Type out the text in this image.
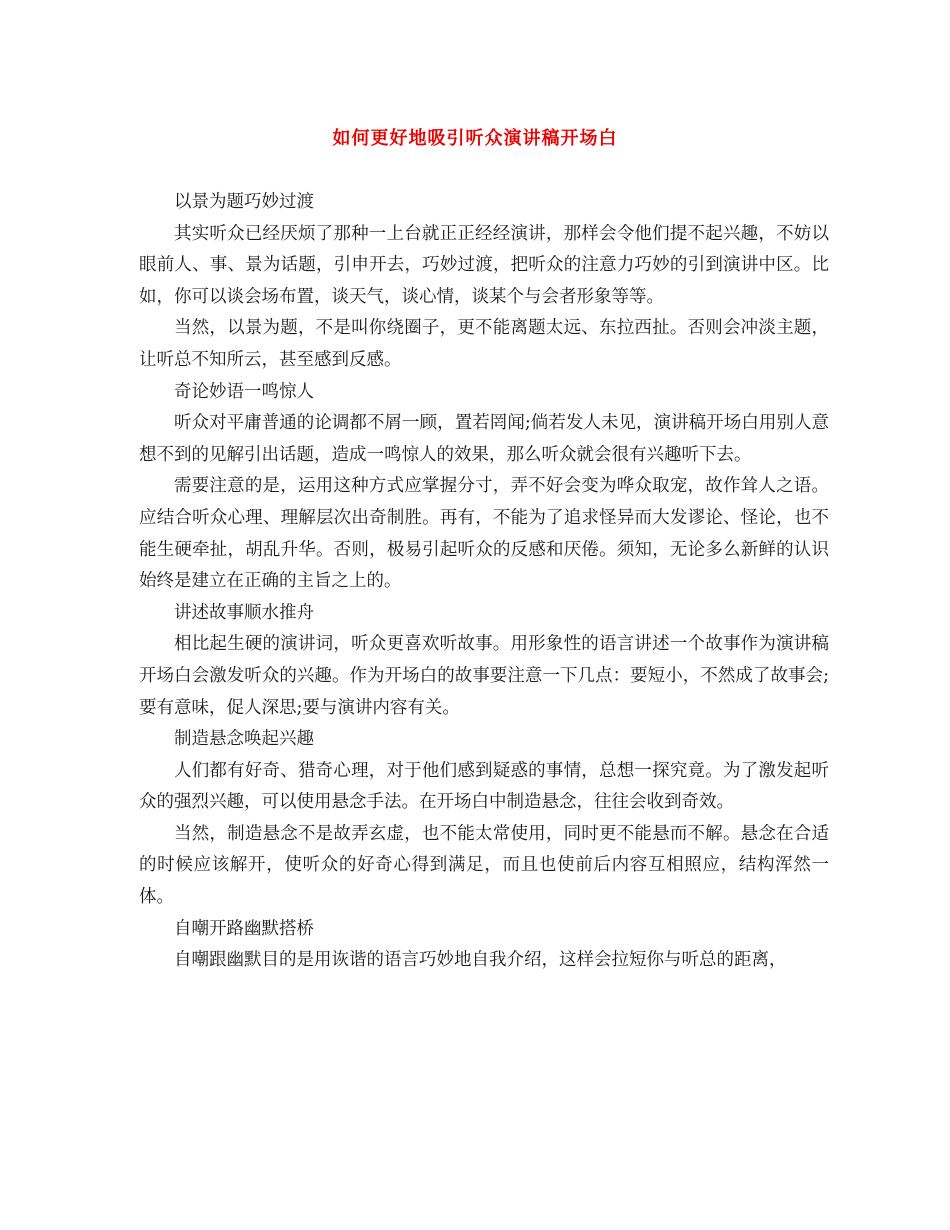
如何更好地吸引听众演讲稿开场白

以景为题巧妙过渡

其实听众已经厌烦了那种一上台就正正经经演讲，那样会令他们提不起兴趣，不妨以眼前人、事、景为话题，引申开去，巧妙过渡，把听众的注意力巧妙的引到演讲中区。比如，你可以谈会场布置，谈天气，谈心情，谈某个与会者形象等等。

当然，以景为题，不是叫你绕圈子，更不能离题太远、东拉西扯。否则会冲淡主题，让听总不知所云，甚至感到反感。

奇论妙语一鸣惊人

听众对平庸普通的论调都不屑一顾，置若罔闻;倘若发人未见，演讲稿开场白用别人意想不到的见解引出话题，造成一鸣惊人的效果，那么听众就会很有兴趣听下去。

需要注意的是，运用这种方式应掌握分寸，弄不好会变为哗众取宠，故作耸人之语。应结合听众心理、理解层次出奇制胜。再有，不能为了追求怪异而大发谬论、怪论，也不能生硬牵扯，胡乱升华。否则，极易引起听众的反感和厌倦。须知，无论多么新鲜的认识始终是建立在正确的主旨之上的。

讲述故事顺水推舟

相比起生硬的演讲词，听众更喜欢听故事。用形象性的语言讲述一个故事作为演讲稿开场白会激发听众的兴趣。作为开场白的故事要注意一下几点：要短小，不然成了故事会;要有意味，促人深思;要与演讲内容有关。

制造悬念唤起兴趣

人们都有好奇、猎奇心理，对于他们感到疑惑的事情，总想一探究竟。为了激发起听众的强烈兴趣，可以使用悬念手法。在开场白中制造悬念，往往会收到奇效。

当然，制造悬念不是故弄玄虚，也不能太常使用，同时更不能悬而不解。悬念在合适的时候应该解开，使听众的好奇心得到满足，而且也使前后内容互相照应，结构浑然一体。

自嘲开路幽默搭桥

自嘲跟幽默目的是用诙谐的语言巧妙地自我介绍，这样会拉短你与听总的距离，
